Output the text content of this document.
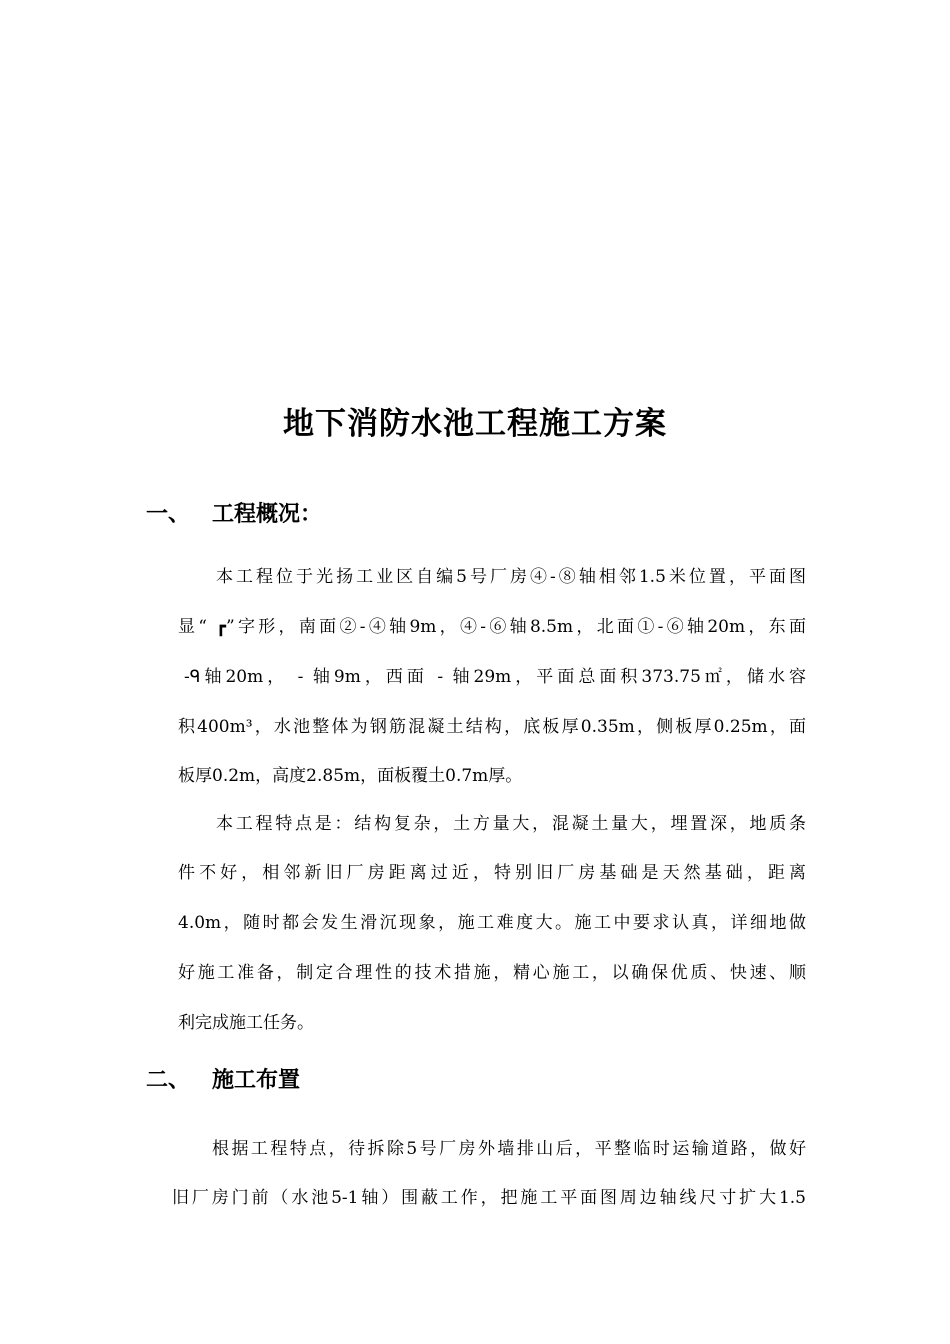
地下消防水池工程施工方案
一、 工程概况：
本工程位于光扬工业区自编5号厂房④-⑧轴相邻1.5米位置，平面图
显“ ┏”字形，南面②-④轴9m，④-⑥轴8.5m，北面①-⑥轴20m，东面
-ᑫ轴20m， - 轴9m，西面 - 轴29m，平面总面积373.75㎡，储水容
积400m³，水池整体为钢筋混凝土结构，底板厚0.35m，侧板厚0.25m，面
板厚0.2m，高度2.85m，面板覆土0.7m厚。
本工程特点是：结构复杂，土方量大，混凝土量大，埋置深，地质条
件不好，相邻新旧厂房距离过近，特别旧厂房基础是天然基础，距离
4.0m，随时都会发生滑沉现象，施工难度大。施工中要求认真，详细地做
好施工准备，制定合理性的技术措施，精心施工，以确保优质、快速、顺
利完成施工任务。
二、 施工布置
根据工程特点，待拆除5号厂房外墙排山后，平整临时运输道路，做好
旧厂房门前（水池5-1轴）围蔽工作，把施工平面图周边轴线尺寸扩大1.5
